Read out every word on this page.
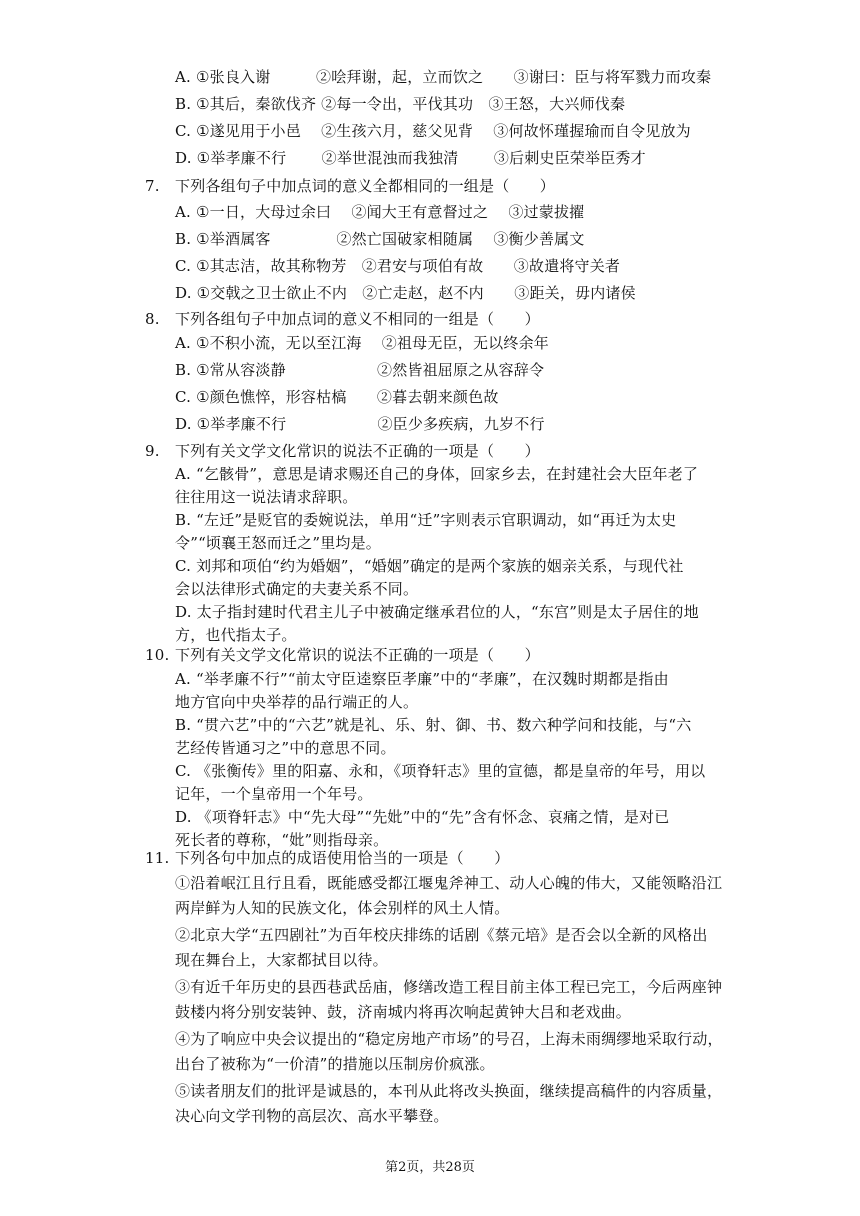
A. ①张良入谢　　　②哙拜谢，起，立而饮之　　③谢曰：臣与将军戮力而攻秦
B. ①其后，秦欲伐齐 ②每一令出，平伐其功　③王怒，大兴师伐秦
C. ①遂见用于小邑　 ②生孩六月，慈父见背　 ③何故怀瑾握瑜而自令见放为
D. ①举孝廉不行　　 ②举世混浊而我独清　　 ③后刺史臣荣举臣秀才
7. 下列各组句子中加点词的意义全都相同的一组是（　　）
A. ①一日，大母过余曰　 ②闻大王有意督过之　 ③过蒙拔擢
B. ①举酒属客　　　　 ②然亡国破家相随属　 ③衡少善属文
C. ①其志洁，故其称物芳　②君安与项伯有故　　③故遣将守关者
D. ①交戟之卫士欲止不内　②亡走赵，赵不内　　③距关，毋内诸侯
8. 下列各组句子中加点词的意义不相同的一组是（　　）
A. ①不积小流，无以至江海　 ②祖母无臣，无以终余年
B. ①常从容淡静　　　　　　②然皆祖屈原之从容辞令
C. ①颜色憔悴，形容枯槁　　②暮去朝来颜色故
D. ①举孝廉不行　　　　　　②臣少多疾病，九岁不行
9. 下列有关文学文化常识的说法不正确的一项是（　　）
A. “乞骸骨”，意思是请求赐还自己的身体，回家乡去，在封建社会大臣年老了
往往用这一说法请求辞职。
B. “左迁”是贬官的委婉说法，单用“迁”字则表示官职调动，如“再迁为太史
令”“顷襄王怒而迁之”里均是。
C. 刘邦和项伯“约为婚姻”，“婚姻”确定的是两个家族的姻亲关系，与现代社
会以法律形式确定的夫妻关系不同。
D. 太子指封建时代君主儿子中被确定继承君位的人，“东宫”则是太子居住的地
方，也代指太子。
10. 下列有关文学文化常识的说法不正确的一项是（　　）
A. “举孝廉不行”“前太守臣逵察臣孝廉”中的“孝廉”，在汉魏时期都是指由
地方官向中央举荐的品行端正的人。
B. “贯六艺”中的“六艺”就是礼、乐、射、御、书、数六种学问和技能，与“六
艺经传皆通习之”中的意思不同。
C. 《张衡传》里的阳嘉、永和，《项脊轩志》里的宣德，都是皇帝的年号，用以
记年，一个皇帝用一个年号。
D. 《项脊轩志》中“先大母”“先妣”中的“先”含有怀念、哀痛之情，是对已
死长者的尊称，“妣”则指母亲。
11. 下列各句中加点的成语使用恰当的一项是（　　）
①沿着岷江且行且看，既能感受都江堰鬼斧神工、动人心魄的伟大，又能领略沿江
两岸鲜为人知的民族文化，体会别样的风土人情。
②北京大学“五四剧社”为百年校庆排练的话剧《蔡元培》是否会以全新的风格出
现在舞台上，大家都拭目以待。
③有近千年历史的县西巷武岳庙，修缮改造工程目前主体工程已完工，今后两座钟
鼓楼内将分别安装钟、鼓，济南城内将再次响起黄钟大吕和老戏曲。
④为了响应中央会议提出的“稳定房地产市场”的号召，上海未雨绸缪地采取行动，
出台了被称为“一价清”的措施以压制房价疯涨。
⑤读者朋友们的批评是诚恳的，本刊从此将改头换面，继续提高稿件的内容质量，
决心向文学刊物的高层次、高水平攀登。
第2页，共28页
